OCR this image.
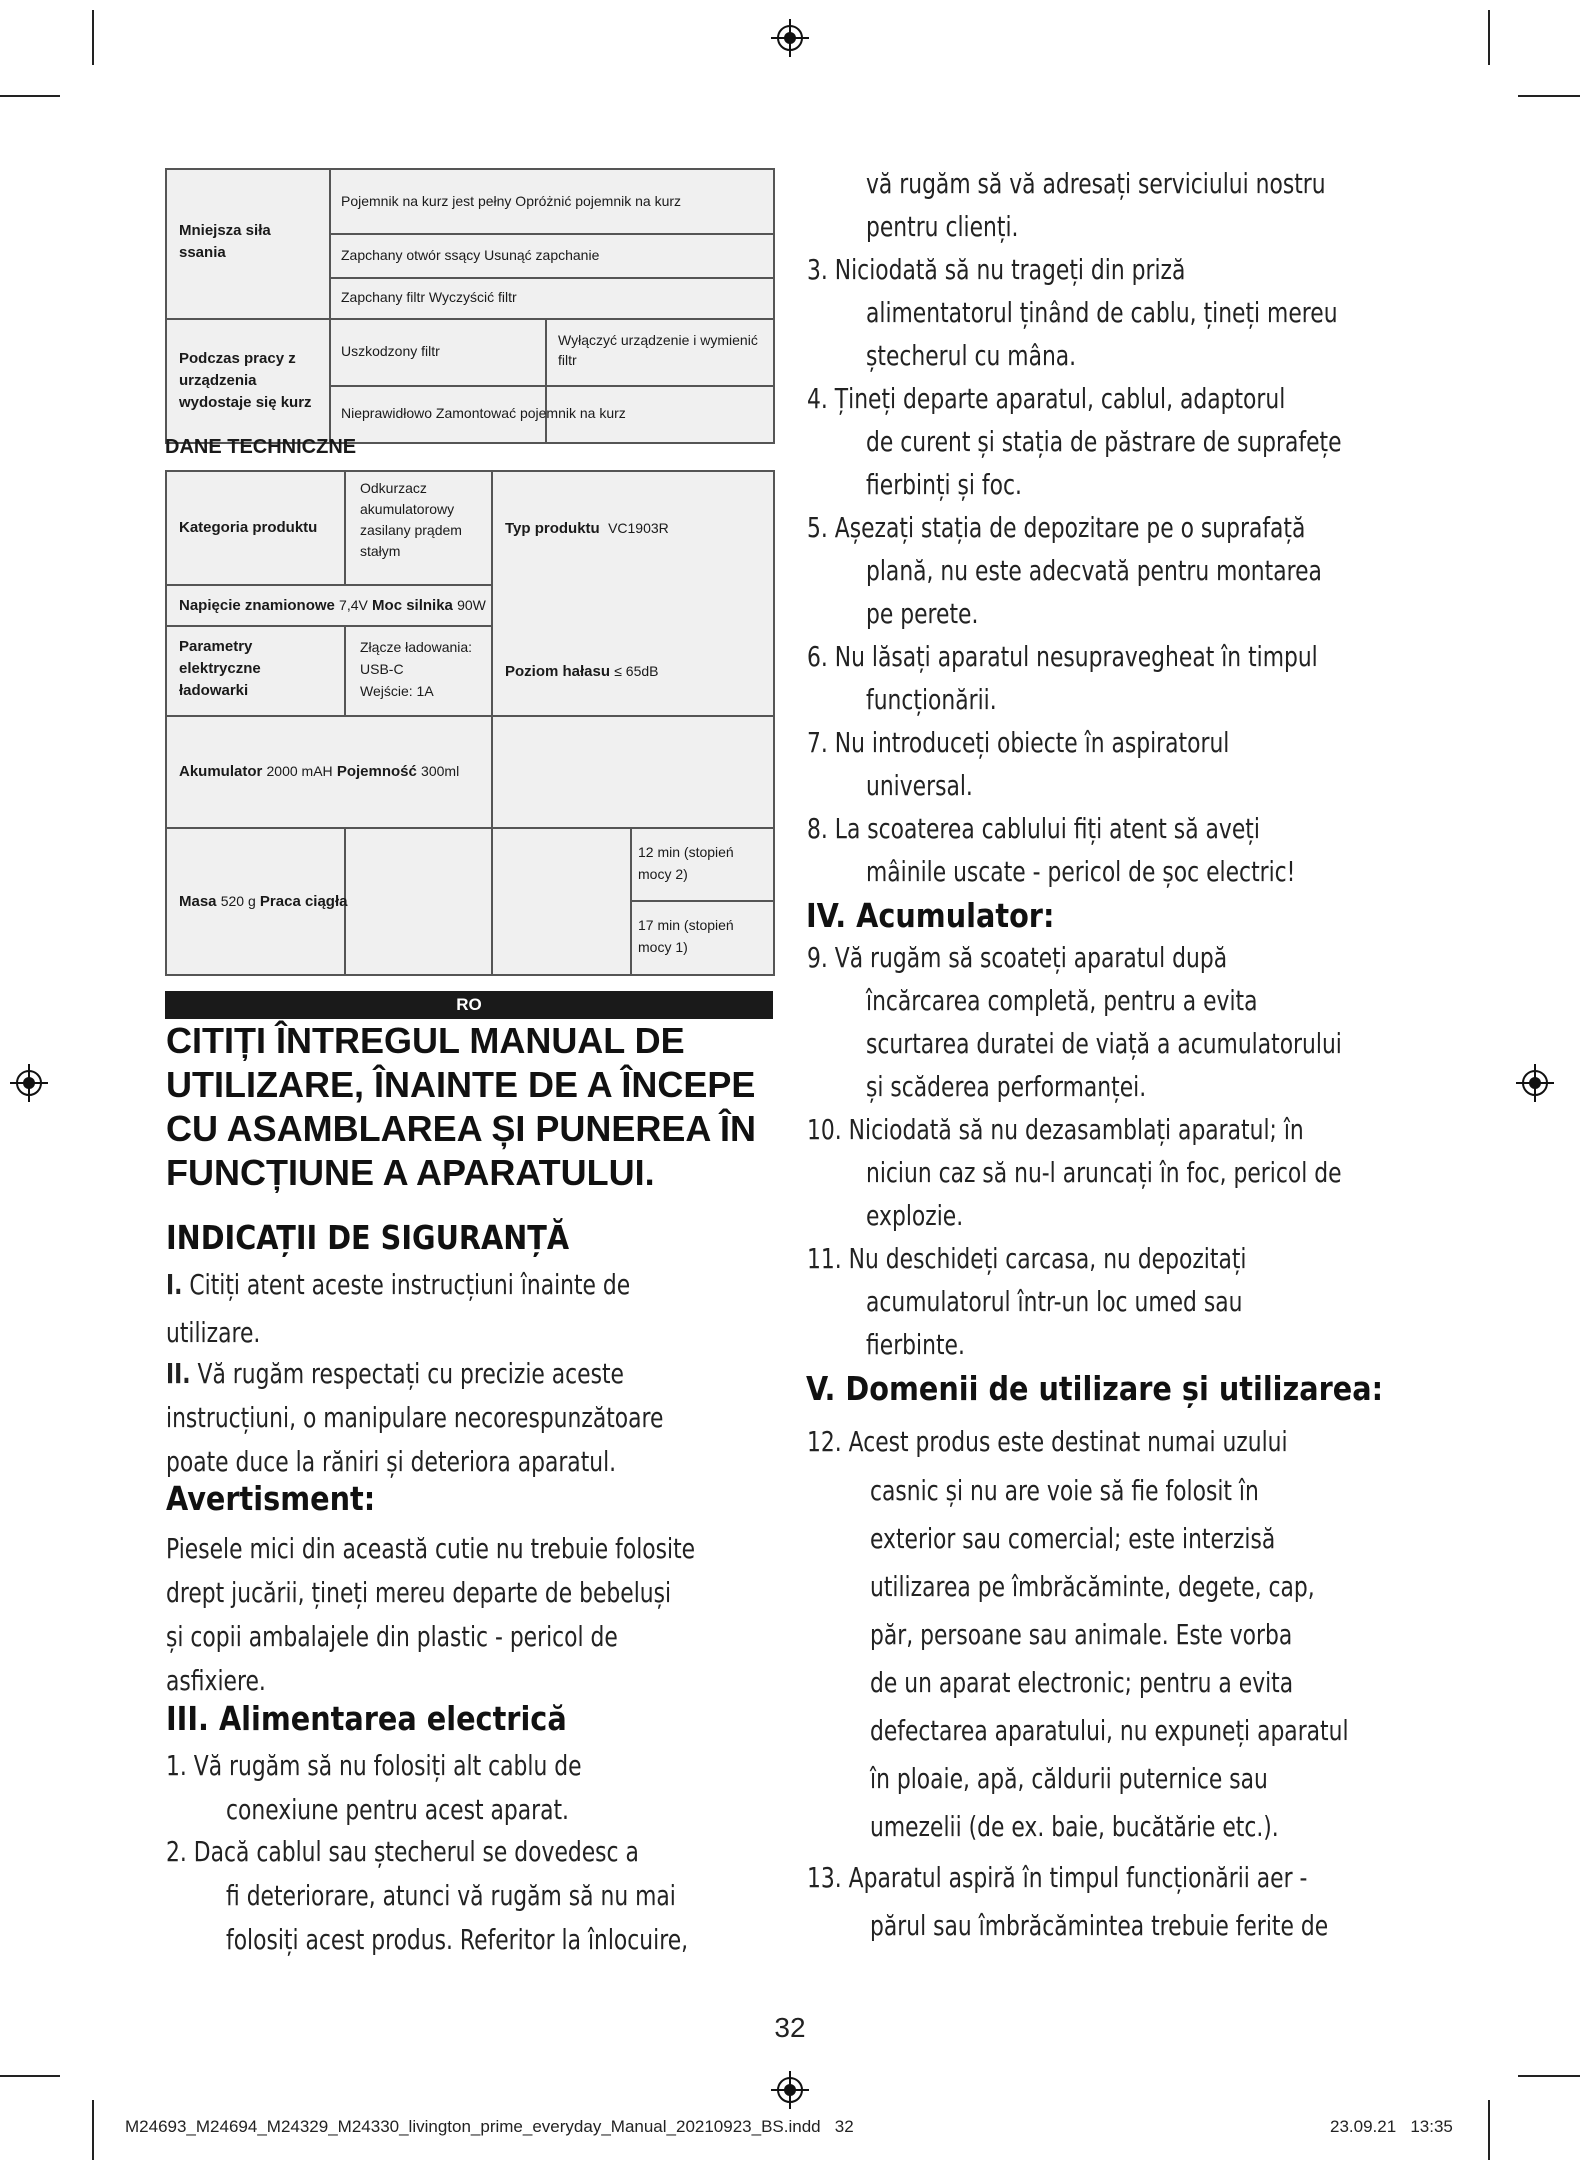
Mniejsza siła ssania
Pojemnik na kurz jest pełny Opróżnić pojemnik na kurz
Zapchany otwór ssący Usunąć zapchanie
Zapchany filtr Wyczyścić filtr
Podczas pracy z urządzenia wydostaje się kurz
Uszkodzony filtr
Wyłączyć urządzenie i wymienić filtr
Nieprawidłowo Zamontować pojemnik na kurz
DANE TECHNICZNE
Kategoria produktu
Odkurzacz akumulatorowy zasilany prądem stałym
Typ produktu VC1903R
Napięcie znamionowe 7,4V Moc silnika 90W
Parametry elektryczne ładowarki
Złącze ładowania:
USB-C
Wejście: 1A
Poziom hałasu ≤ 65dB
Akumulator 2000 mAH Pojemność 300ml
Masa 520 g Praca ciągła
12 min (stopień mocy 2)
17 min (stopień mocy 1)
RO
CITIȚI ÎNTREGUL MANUAL DE
UTILIZARE, ÎNAINTE DE A ÎNCEPE
CU ASAMBLAREA ȘI PUNEREA ÎN
FUNCȚIUNE A APARATULUI.
INDICAȚII DE SIGURANȚĂ
I. Citiți atent aceste instrucțiuni înainte de
utilizare.
II. Vă rugăm respectați cu precizie aceste
instrucțiuni, o manipulare necorespunzătoare
poate duce la răniri și deteriora aparatul.
Avertisment:
Piesele mici din această cutie nu trebuie folosite
drept jucării, țineți mereu departe de bebeluși
și copii ambalajele din plastic - pericol de
asfixiere.
III. Alimentarea electrică
1. Vă rugăm să nu folosiți alt cablu de
conexiune pentru acest aparat.
2. Dacă cablul sau ștecherul se dovedesc a
fi deteriorare, atunci vă rugăm să nu mai
folosiți acest produs. Referitor la înlocuire,
vă rugăm să vă adresați serviciului nostru
pentru clienți.
3. Niciodată să nu trageți din priză
alimentatorul ținând de cablu, țineți mereu
ștecherul cu mâna.
4. Țineți departe aparatul, cablul, adaptorul
de curent și stația de păstrare de suprafețe
fierbinți și foc.
5. Așezați stația de depozitare pe o suprafață
plană, nu este adecvată pentru montarea
pe perete.
6. Nu lăsați aparatul nesupravegheat în timpul
funcționării.
7. Nu introduceți obiecte în aspiratorul
universal.
8. La scoaterea cablului fiți atent să aveți
mâinile uscate - pericol de șoc electric!
IV. Acumulator:
9. Vă rugăm să scoateți aparatul după
încărcarea completă, pentru a evita
scurtarea duratei de viață a acumulatorului
și scăderea performanței.
10. Niciodată să nu dezasamblați aparatul; în
niciun caz să nu-l aruncați în foc, pericol de
explozie.
11. Nu deschideți carcasa, nu depozitați
acumulatorul într-un loc umed sau
fierbinte.
V. Domenii de utilizare și utilizarea:
12. Acest produs este destinat numai uzului
casnic și nu are voie să fie folosit în
exterior sau comercial; este interzisă
utilizarea pe îmbrăcăminte, degete, cap,
păr, persoane sau animale. Este vorba
de un aparat electronic; pentru a evita
defectarea aparatului, nu expuneți aparatul
în ploaie, apă, căldurii puternice sau
umezelii (de ex. baie, bucătărie etc.).
13. Aparatul aspiră în timpul funcționării aer -
părul sau îmbrăcămintea trebuie ferite de
32
M24693_M24694_M24329_M24330_livington_prime_everyday_Manual_20210923_BS.indd   32	23.09.21   13:35
